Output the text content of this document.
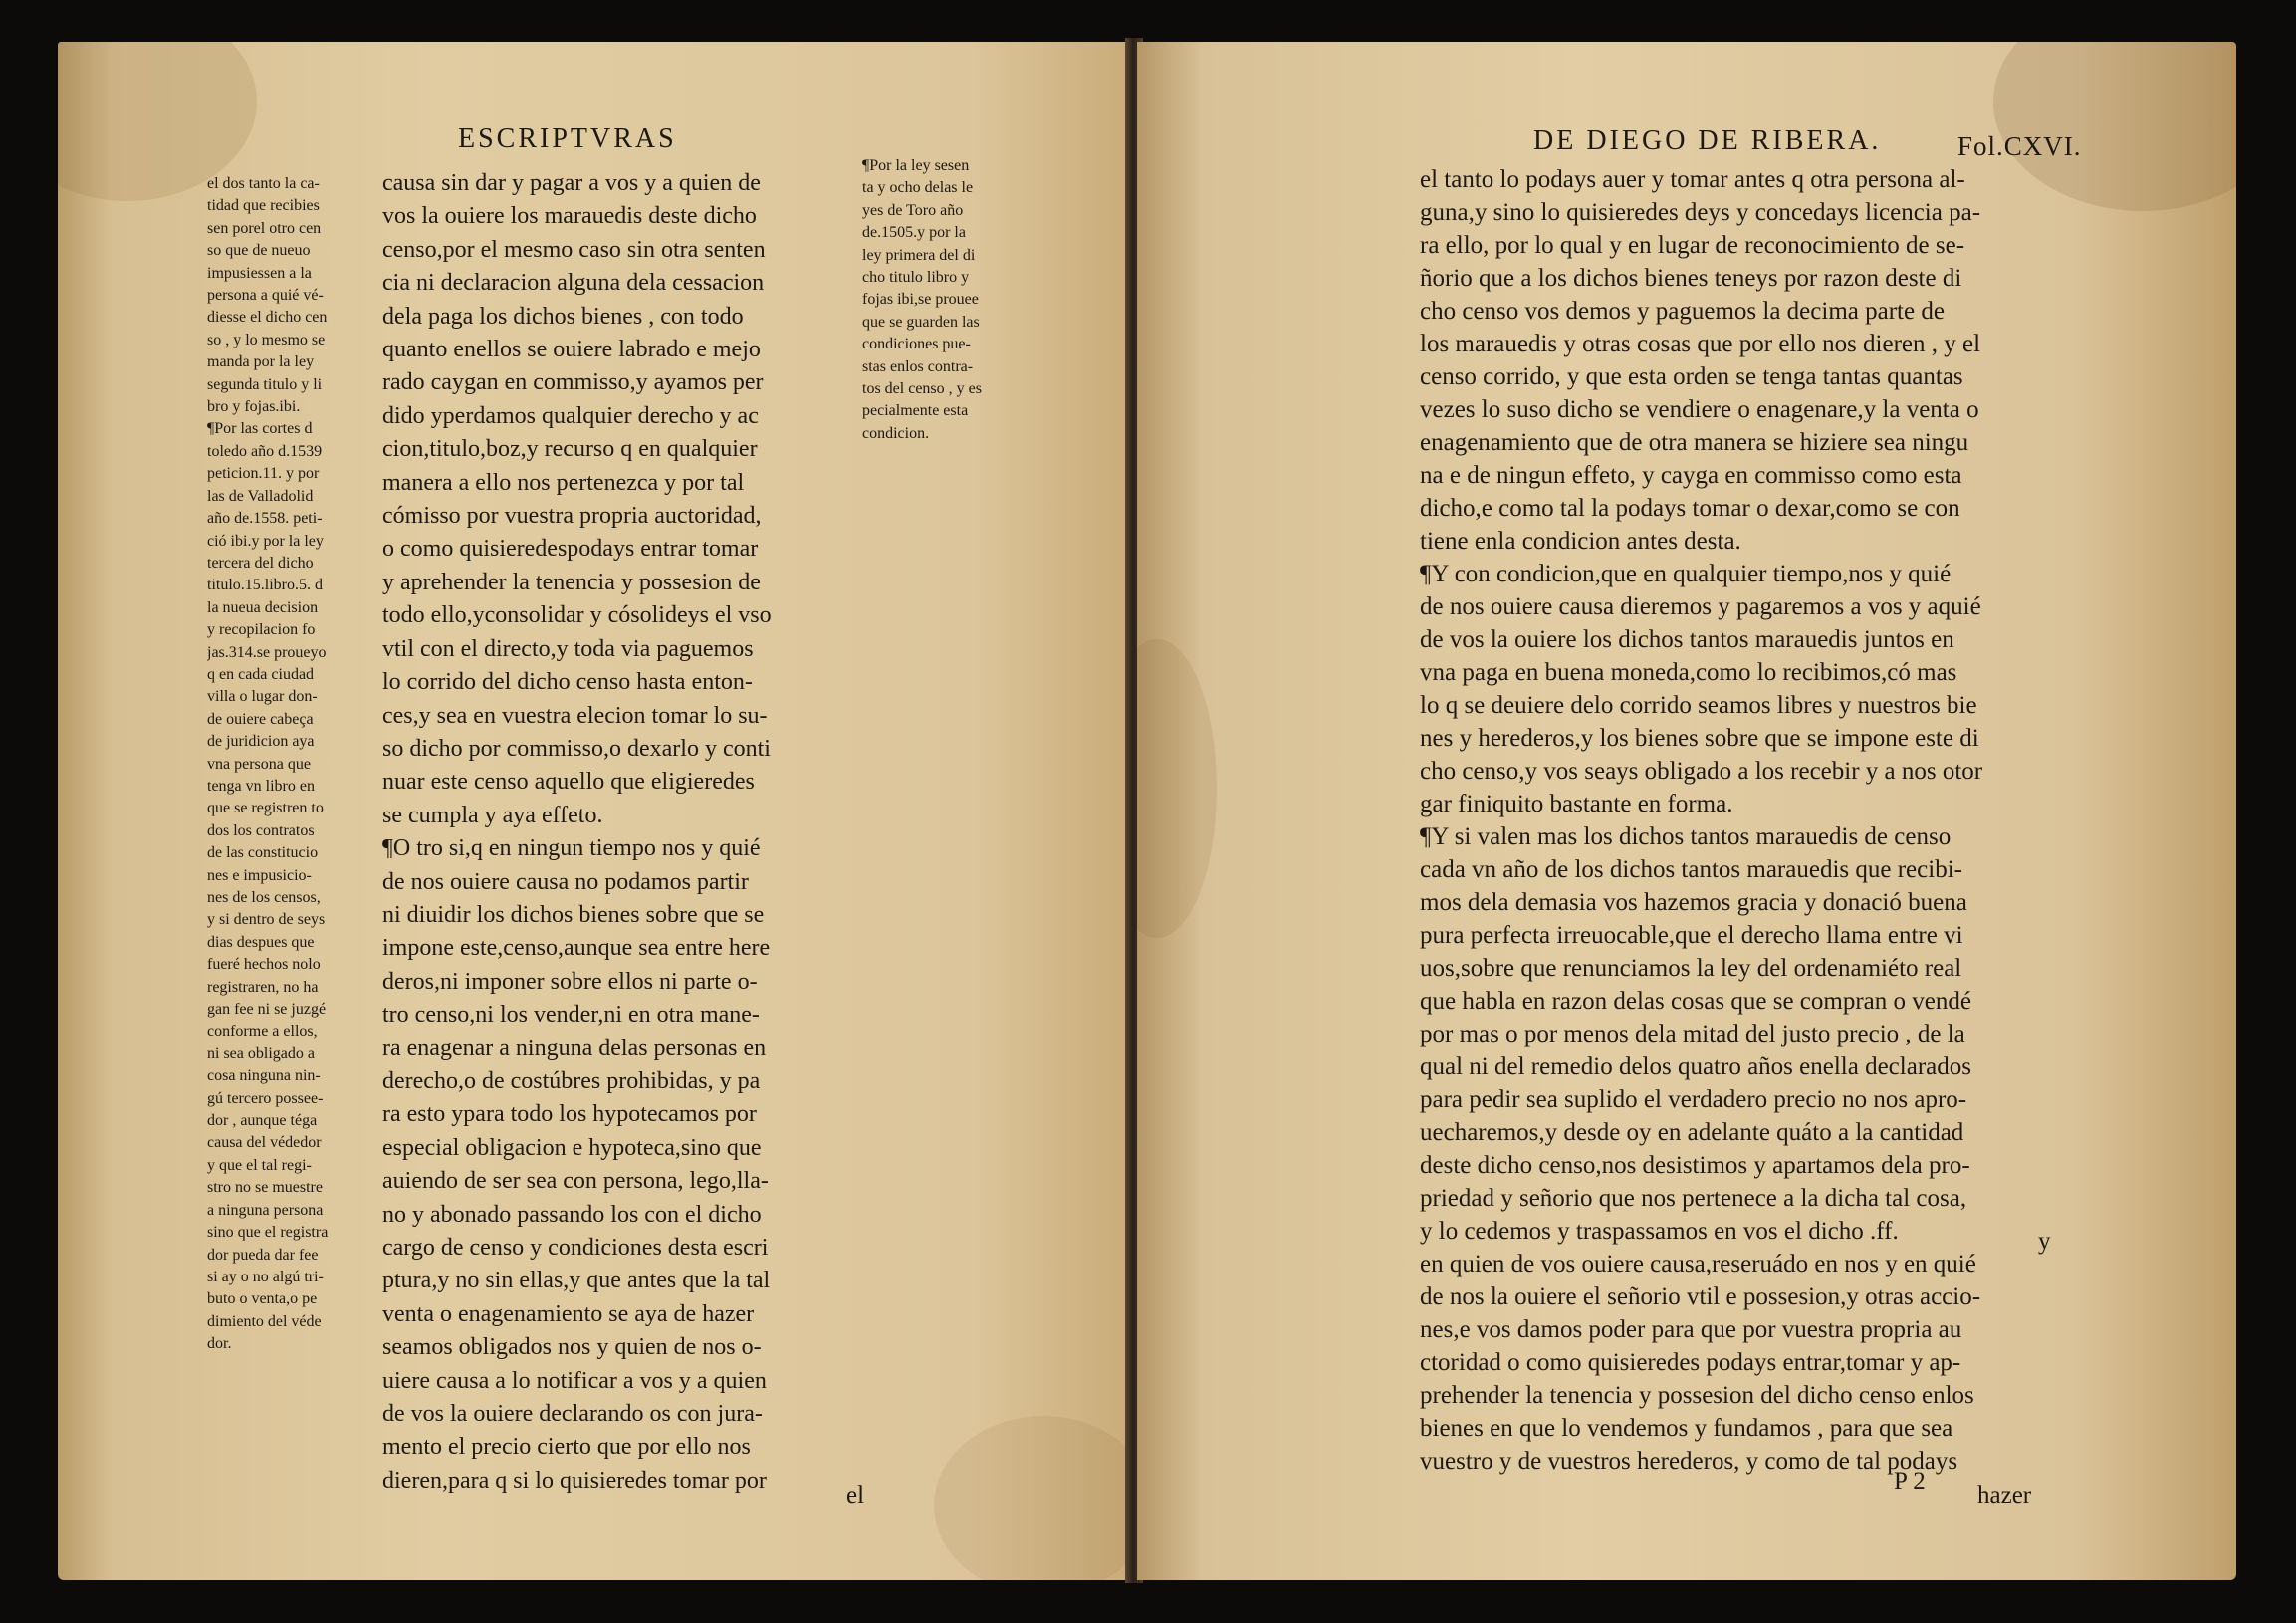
ESCRIPTVRAS
el dos tanto la ca-
tidad que recibies
sen porel otro cen
so que de nueuo
impusiessen a la
persona a quié vé-
diesse el dicho cen
so , y lo mesmo se
manda por la ley
segunda titulo y li
bro y fojas.ibi.
¶Por las cortes d
toledo año d.1539
peticion.11. y por
las de Valladolid
año de.1558. peti-
ció ibi.y por la ley
tercera del dicho
titulo.15.libro.5. d
la nueua decision
y recopilacion fo
jas.314.se proueyo
q en cada ciudad
villa o lugar don-
de ouiere cabeça
de juridicion aya
vna persona que
tenga vn libro en
que se registren to
dos los contratos
de las constitucio
nes e impusicio-
nes de los censos,
y si dentro de seys
dias despues que
fueré hechos nolo
registraren, no ha
gan fee ni se juzgé
conforme a ellos,
ni sea obligado a
cosa ninguna nin-
gú tercero possee-
dor , aunque téga
causa del védedor
y que el tal regi-
stro no se muestre
a ninguna persona
sino que el registra
dor pueda dar fee
si ay o no algú tri-
buto o venta,o pe
dimiento del véde
dor.
causa sin dar y pagar a vos y a quien de
vos la ouiere los marauedis deste dicho
censo,por el mesmo caso sin otra senten
cia ni declaracion alguna dela cessacion
dela paga los dichos bienes , con todo
quanto enellos se ouiere labrado e mejo
rado caygan en commisso,y ayamos per
dido yperdamos qualquier derecho y ac
cion,titulo,boz,y recurso q en qualquier
manera a ello nos pertenezca y por tal
cómisso por vuestra propria auctoridad,
o como quisieredespodays entrar tomar
y aprehender la tenencia y possesion de
todo ello,yconsolidar y cósolideys el vso
vtil con el directo,y toda via paguemos
lo corrido del dicho censo hasta enton-
ces,y sea en vuestra elecion tomar lo su-
so dicho por commisso,o dexarlo y conti
nuar este censo aquello que eligieredes
se cumpla y aya effeto.
¶O tro si,q en ningun tiempo nos y quié
de nos ouiere causa no podamos partir
ni diuidir los dichos bienes sobre que se
impone este,censo,aunque sea entre here
deros,ni imponer sobre ellos ni parte o-
tro censo,ni los vender,ni en otra mane-
ra enagenar a ninguna delas personas en
derecho,o de costúbres prohibidas, y pa
ra esto ypara todo los hypotecamos por
especial obligacion e hypoteca,sino que
auiendo de ser sea con persona, lego,lla-
no y abonado passando los con el dicho
cargo de censo y condiciones desta escri
ptura,y no sin ellas,y que antes que la tal
venta o enagenamiento se aya de hazer
seamos obligados nos y quien de nos o-
uiere causa a lo notificar a vos y a quien
de vos la ouiere declarando os con jura-
mento el precio cierto que por ello nos
dieren,para q si lo quisieredes tomar por
el
¶Por la ley sesen
ta y ocho delas le
yes de Toro año
de.1505.y por la
ley primera del di
cho titulo libro y
fojas ibi,se prouee
que se guarden las
condiciones pue-
stas enlos contra-
tos del censo , y es
pecialmente esta
condicion.
DE DIEGO DE RIBERA.	Fol.CXVI.
el tanto lo podays auer y tomar antes q otra persona al-
guna,y sino lo quisieredes deys y concedays licencia pa-
ra ello, por lo qual y en lugar de reconocimiento de se-
ñorio que a los dichos bienes teneys por razon deste di
cho censo vos demos y paguemos la decima parte de
los marauedis y otras cosas que por ello nos dieren , y el
censo corrido, y que esta orden se tenga tantas quantas
vezes lo suso dicho se vendiere o enagenare,y la venta o
enagenamiento que de otra manera se hiziere sea ningu
na e de ningun effeto, y cayga en commisso como esta
dicho,e como tal la podays tomar o dexar,como se con
tiene enla condicion antes desta.
¶Y con condicion,que en qualquier tiempo,nos y quié
de nos ouiere causa dieremos y pagaremos a vos y aquié
de vos la ouiere los dichos tantos marauedis juntos en
vna paga en buena moneda,como lo recibimos,có mas
lo q se deuiere delo corrido seamos libres y nuestros bie
nes y herederos,y los bienes sobre que se impone este di
cho censo,y vos seays obligado a los recebir y a nos otor
gar finiquito bastante en forma.
¶Y si valen mas los dichos tantos marauedis de censo
cada vn año de los dichos tantos marauedis que recibi-
mos dela demasia vos hazemos gracia y donació buena
pura perfecta irreuocable,que el derecho llama entre vi
uos,sobre que renunciamos la ley del ordenamiéto real
que habla en razon delas cosas que se compran o vendé
por mas o por menos dela mitad del justo precio , de la
qual ni del remedio delos quatro años enella declarados
para pedir sea suplido el verdadero precio no nos apro-
uecharemos,y desde oy en adelante quáto a la cantidad
deste dicho censo,nos desistimos y apartamos dela pro-
priedad y señorio que nos pertenece a la dicha tal cosa,
y lo cedemos y traspassamos en vos el dicho .ff.
en quien de vos ouiere causa,reseruádo en nos y en quié
de nos la ouiere el señorio vtil e possesion,y otras accio-
nes,e vos damos poder para que por vuestra propria au
ctoridad o como quisieredes podays entrar,tomar y ap-
prehender la tenencia y possesion del dicho censo enlos
bienes en que lo vendemos y fundamos , para que sea
vuestro y de vuestros herederos, y como de tal podays
y
P 2
hazer
